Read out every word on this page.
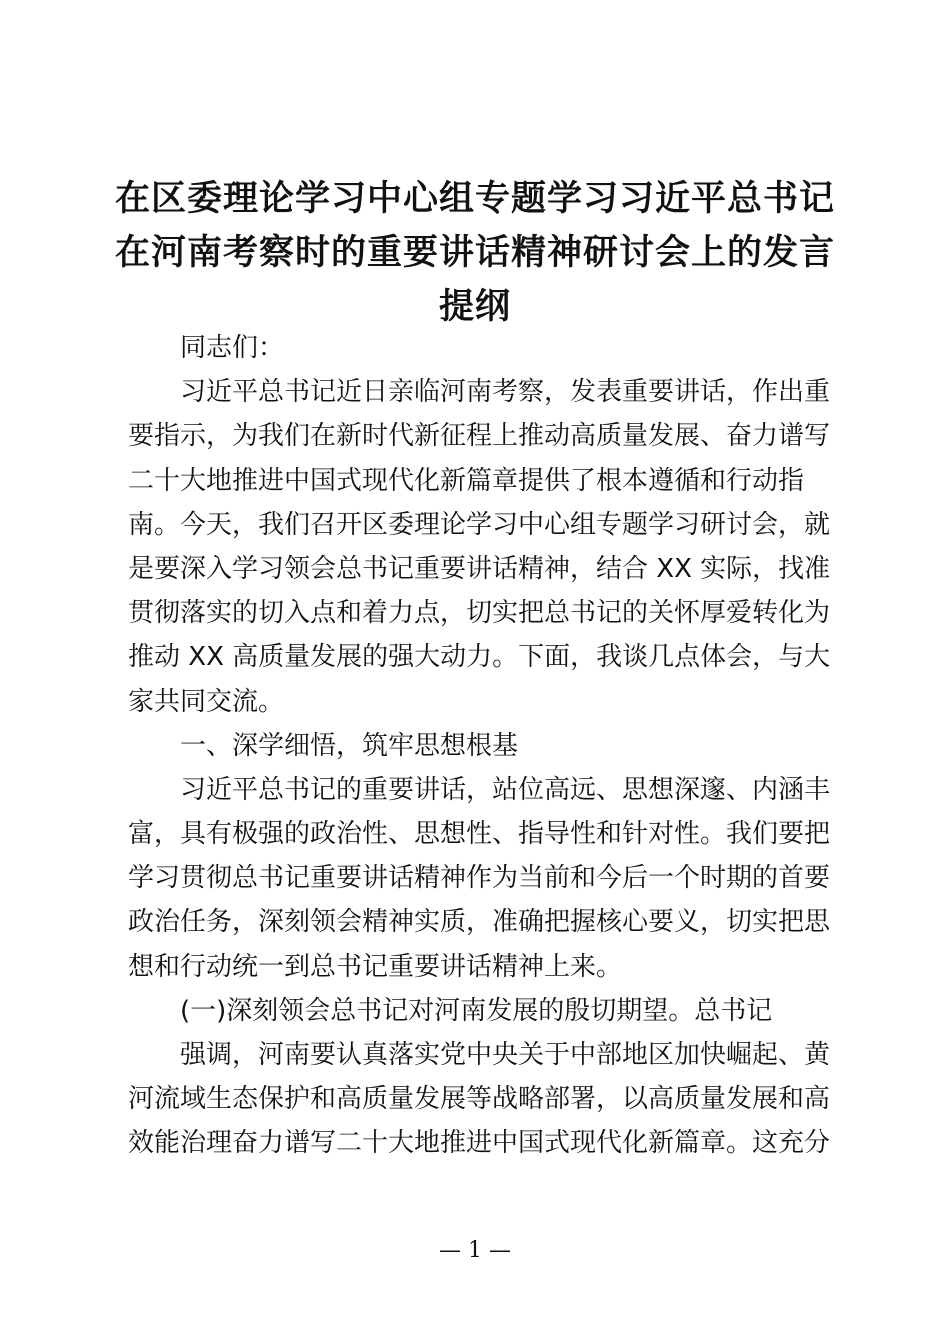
在区委理论学习中心组专题学习习近平总书记
在河南考察时的重要讲话精神研讨会上的发言
提纲
同志们：
习近平总书记近日亲临河南考察，发表重要讲话，作出重
要指示，为我们在新时代新征程上推动高质量发展、奋力谱写
二十大地推进中国式现代化新篇章提供了根本遵循和行动指
南。今天，我们召开区委理论学习中心组专题学习研讨会，就
是要深入学习领会总书记重要讲话精神，结合 XX 实际，找准
贯彻落实的切入点和着力点，切实把总书记的关怀厚爱转化为
推动 XX 高质量发展的强大动力。下面，我谈几点体会，与大
家共同交流。
一、深学细悟，筑牢思想根基
习近平总书记的重要讲话，站位高远、思想深邃、内涵丰
富，具有极强的政治性、思想性、指导性和针对性。我们要把
学习贯彻总书记重要讲话精神作为当前和今后一个时期的首要
政治任务，深刻领会精神实质，准确把握核心要义，切实把思
想和行动统一到总书记重要讲话精神上来。
(一)深刻领会总书记对河南发展的殷切期望。总书记
强调，河南要认真落实党中央关于中部地区加快崛起、黄
河流域生态保护和高质量发展等战略部署，以高质量发展和高
效能治理奋力谱写二十大地推进中国式现代化新篇章。这充分
— 1 —
